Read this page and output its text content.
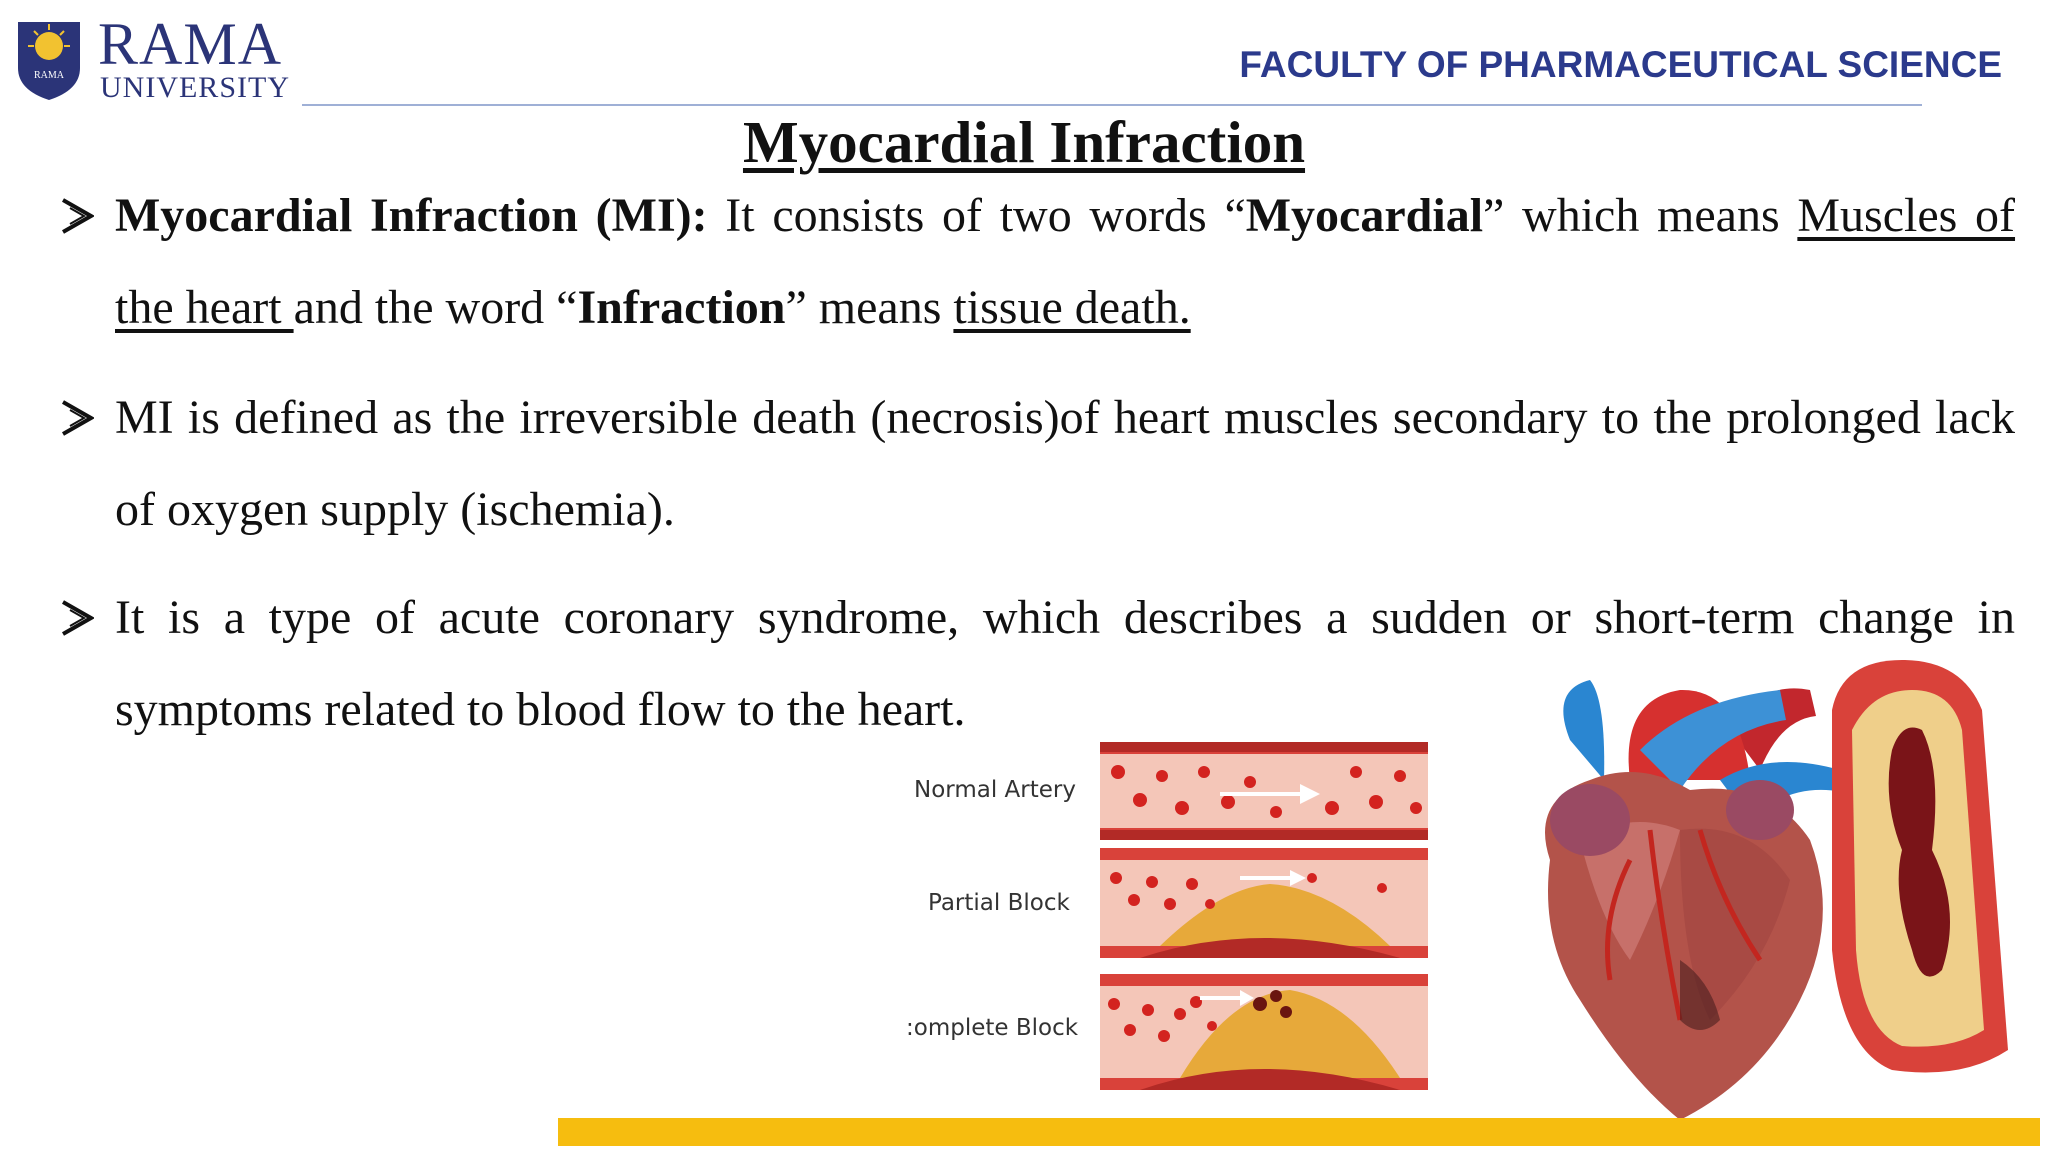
RAMA RAMA
UNIVERSITY
FACULTY OF PHARMACEUTICAL SCIENCE
Myocardial Infraction
Myocardial Infraction (MI): It consists of two words “Myocardial” which means Muscles of the heart and the word “Infraction” means tissue death.
MI is defined as the irreversible death (necrosis)of heart muscles secondary to the prolonged lack of oxygen supply (ischemia).
It is a type of acute coronary syndrome, which describes a sudden or short-term change in symptoms related to blood flow to the heart.
Normal Artery
Partial Block
:omplete Block
